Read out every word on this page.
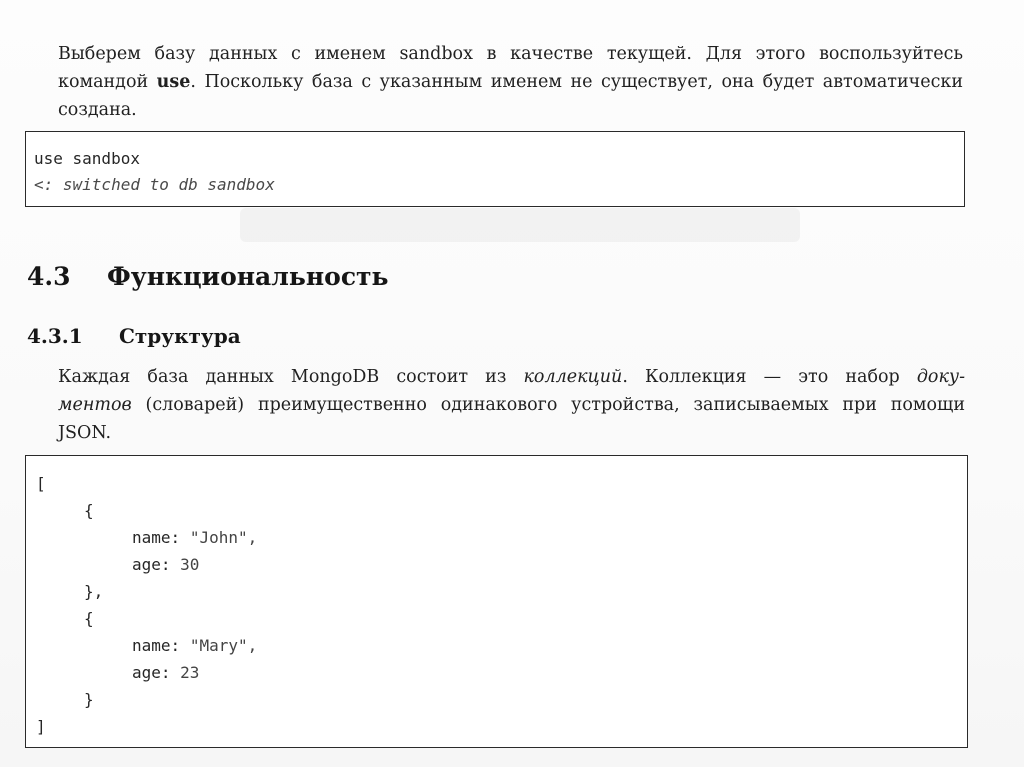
Выберем базу данных с именем sandbox в качестве текущей. Для этого воспользуйтесь
командой use. Поскольку база с указанным именем не существует, она будет автоматически
создана.
use sandbox
<: switched to db sandbox
4.3 Функциональность
4.3.1 Структура
Каждая база данных MongoDB состоит из коллекций. Коллекция — это набор доку-
ментов (словарей) преимущественно одинакового устройства, записываемых при помощи
JSON.
[
{
name: "John",
age: 30
},
{
name: "Mary",
age: 23
}
]
